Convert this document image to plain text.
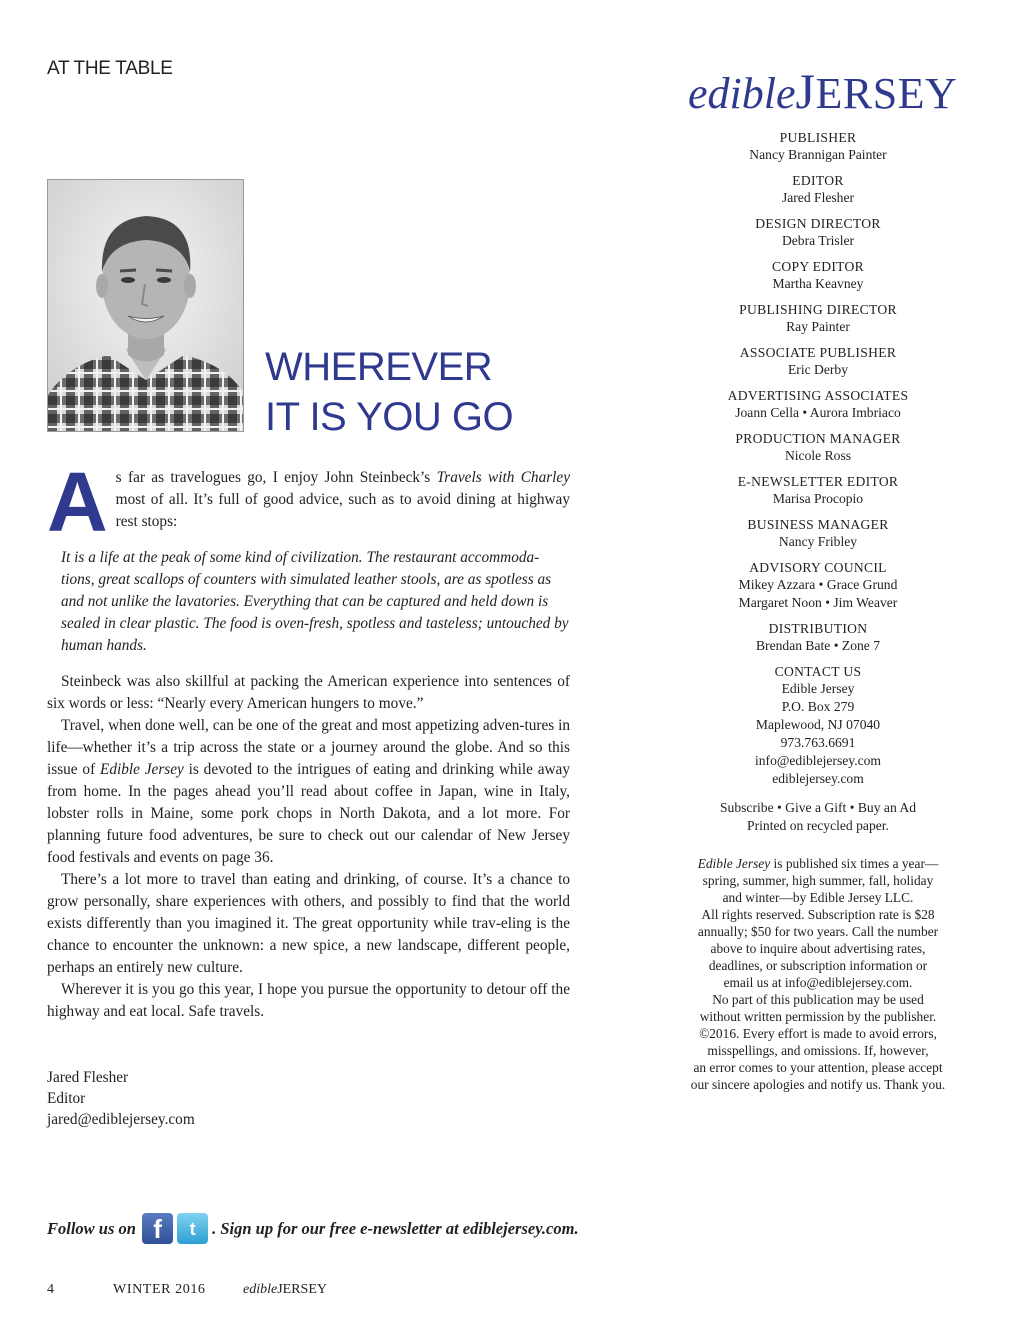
AT THE TABLE
edibleJERSEY
WHEREVER
IT IS YOU GO
A s far as travelogues go, I enjoy John Steinbeck’s Travels with Charley most of all. It’s full of good advice, such as to avoid dining at highway rest stops:

It is a life at the peak of some kind of civilization. The restaurant accommoda-tions, great scallops of counters with simulated leather stools, are as spotless as and not unlike the lavatories. Everything that can be captured and held down is sealed in clear plastic. The food is oven-fresh, spotless and tasteless; untouched by human hands.

Steinbeck was also skillful at packing the American experience into sentences of six words or less: “Nearly every American hungers to move.”

Travel, when done well, can be one of the great and most appetizing adven-tures in life—whether it’s a trip across the state or a journey around the globe. And so this issue of Edible Jersey is devoted to the intrigues of eating and drinking while away from home. In the pages ahead you’ll read about coffee in Japan, wine in Italy, lobster rolls in Maine, some pork chops in North Dakota, and a lot more. For planning future food adventures, be sure to check out our calendar of New Jersey food festivals and events on page 36.

There’s a lot more to travel than eating and drinking, of course. It’s a chance to grow personally, share experiences with others, and possibly to find that the world exists differently than you imagined it. The great opportunity while trav-eling is the chance to encounter the unknown: a new spice, a new landscape, different people, perhaps an entirely new culture.

Wherever it is you go this year, I hope you pursue the opportunity to detour off the highway and eat local. Safe travels.

Jared Flesher
Editor
jared@ediblejersey.com
Follow us on
f	t	. Sign up for our free e-newsletter at ediblejersey.com.
4	WINTER 2016	edibleJERSEY
PUBLISHER
Nancy Brannigan Painter
EDITOR
Jared Flesher
DESIGN DIRECTOR
Debra Trisler
COPY EDITOR
Martha Keavney
PUBLISHING DIRECTOR
Ray Painter
ASSOCIATE PUBLISHER
Eric Derby
ADVERTISING ASSOCIATES
Joann Cella • Aurora Imbriaco
PRODUCTION MANAGER
Nicole Ross
E-NEWSLETTER EDITOR
Marisa Procopio
BUSINESS MANAGER
Nancy Fribley
ADVISORY COUNCIL
Mikey Azzara • Grace Grund
Margaret Noon • Jim Weaver
DISTRIBUTION
Brendan Bate • Zone 7
CONTACT US
Edible Jersey
P.O. Box 279
Maplewood, NJ 07040
973.763.6691
info@ediblejersey.com
ediblejersey.com
Subscribe • Give a Gift • Buy an Ad
Printed on recycled paper.
Edible Jersey is published six times a year—
spring, summer, high summer, fall, holiday
and winter—by Edible Jersey LLC.
All rights reserved. Subscription rate is $28
annually; $50 for two years. Call the number
above to inquire about advertising rates,
deadlines, or subscription information or
email us at info@ediblejersey.com.
No part of this publication may be used
without written permission by the publisher.
©2016. Every effort is made to avoid errors,
misspellings, and omissions. If, however,
an error comes to your attention, please accept
our sincere apologies and notify us. Thank you.
